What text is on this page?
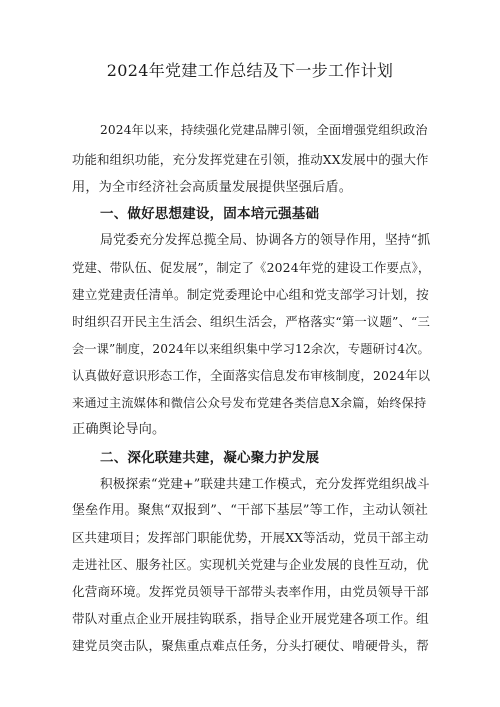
2024年党建工作总结及下一步工作计划
2024年以来，持续强化党建品牌引领，全面增强党组织政治
功能和组织功能，充分发挥党建在引领，推动XX发展中的强大作
用，为全市经济社会高质量发展提供坚强后盾。
一、做好思想建设，固本培元强基础
局党委充分发挥总揽全局、协调各方的领导作用，坚持“抓
党建、带队伍、促发展”，制定了《2024年党的建设工作要点》，
建立党建责任清单。制定党委理论中心组和党支部学习计划，按
时组织召开民主生活会、组织生活会，严格落实“第一议题”、“三
会一课”制度，2024年以来组织集中学习12余次，专题研讨4次。
认真做好意识形态工作，全面落实信息发布审核制度，2024年以
来通过主流媒体和微信公众号发布党建各类信息X余篇，始终保持
正确舆论导向。
二、深化联建共建，凝心聚力护发展
积极探索“党建+”联建共建工作模式，充分发挥党组织战斗
堡垒作用。聚焦“双报到”、“干部下基层”等工作，主动认领社
区共建项目；发挥部门职能优势，开展XX等活动，党员干部主动
走进社区、服务社区。实现机关党建与企业发展的良性互动，优
化营商环境。发挥党员领导干部带头表率作用，由党员领导干部
带队对重点企业开展挂钩联系，指导企业开展党建各项工作。组
建党员突击队，聚焦重点难点任务，分头打硬仗、啃硬骨头，帮
